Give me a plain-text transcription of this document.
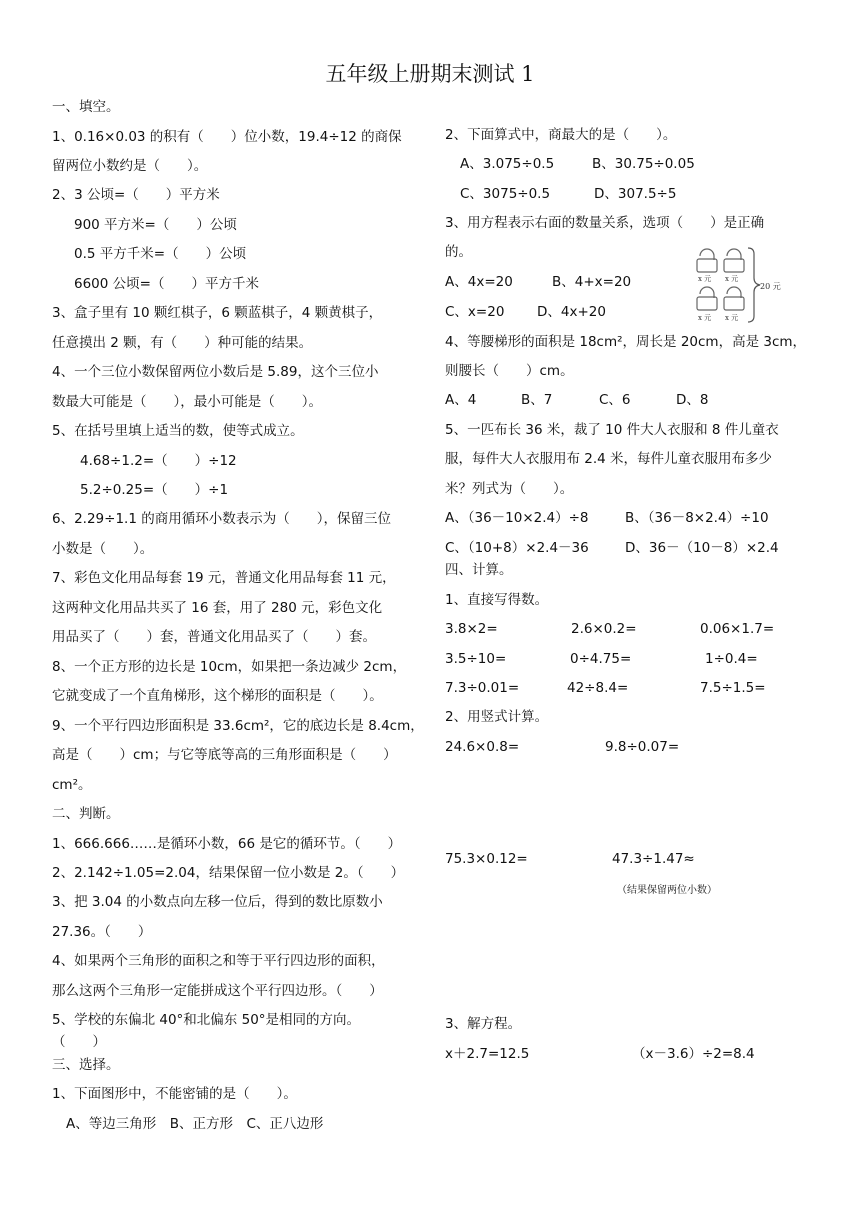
五年级上册期末测试 1
一、填空。
1、0.16×0.03 的积有（　　）位小数，19.4÷12 的商保
留两位小数约是（　　）。
2、3 公顷=（　　）平方米
900 平方米=（　　）公顷
0.5 平方千米=（　　）公顷
6600 公顷=（　　）平方千米
3、盒子里有 10 颗红棋子，6 颗蓝棋子，4 颗黄棋子，
任意摸出 2 颗，有（　　）种可能的结果。
4、一个三位小数保留两位小数后是 5.89，这个三位小
数最大可能是（　　），最小可能是（　　）。
5、在括号里填上适当的数，使等式成立。
4.68÷1.2=（　　）÷12
5.2÷0.25=（　　）÷1
6、2.29÷1.1 的商用循环小数表示为（　　），保留三位
小数是（　　）。
7、彩色文化用品每套 19 元，普通文化用品每套 11 元，
这两种文化用品共买了 16 套，用了 280 元，彩色文化
用品买了（　　）套，普通文化用品买了（　　）套。
8、一个正方形的边长是 10cm，如果把一条边减少 2cm，
它就变成了一个直角梯形，这个梯形的面积是（　　）。
9、一个平行四边形面积是 33.6cm²，它的底边长是 8.4cm，
高是（　　）cm；与它等底等高的三角形面积是（　　）
cm²。
二、判断。
1、666.666……是循环小数，66 是它的循环节。（　　）
2、2.142÷1.05=2.04，结果保留一位小数是 2。（　　）
3、把 3.04 的小数点向左移一位后，得到的数比原数小
27.36。（　　）
4、如果两个三角形的面积之和等于平行四边形的面积，
那么这两个三角形一定能拼成这个平行四边形。（　　）
5、学校的东偏北 40°和北偏东 50°是相同的方向。
（　　）
三、选择。
1、下面图形中，不能密铺的是（　　）。
A、等边三角形　B、正方形　C、正八边形
2、下面算式中，商最大的是（　　）。
A、3.075÷0.5	B、30.75÷0.05
C、3075÷0.5	D、307.5÷5
3、用方程表示右面的数量关系，选项（　　）是正确
的。
A、4x=20	B、4+x=20
C、x=20 D、4x+20
4、等腰梯形的面积是 18cm²，周长是 20cm，高是 3cm，
则腰长（　　）cm。
A、4	B、7	C、6	D、8
5、一匹布长 36 米，裁了 10 件大人衣服和 8 件儿童衣
服，每件大人衣服用布 2.4 米，每件儿童衣服用布多少
米？列式为（　　）。
A、（36－10×2.4）÷8	B、（36－8×2.4）÷10
C、（10+8）×2.4－36	D、36－（10－8）×2.4
四、计算。
1、直接写得数。
3.8×2=	2.6×0.2=	0.06×1.7=
3.5÷10=	0÷4.75=	1÷0.4=
7.3÷0.01=	42÷8.4=	7.5÷1.5=
2、用竖式计算。
24.6×0.8=	9.8÷0.07=
75.3×0.12=	47.3÷1.47≈
3、解方程。
x＋2.7=12.5	（x－3.6）÷2=8.4
（结果保留两位小数）
x 元 x 元
x 元 x 元
20 元
